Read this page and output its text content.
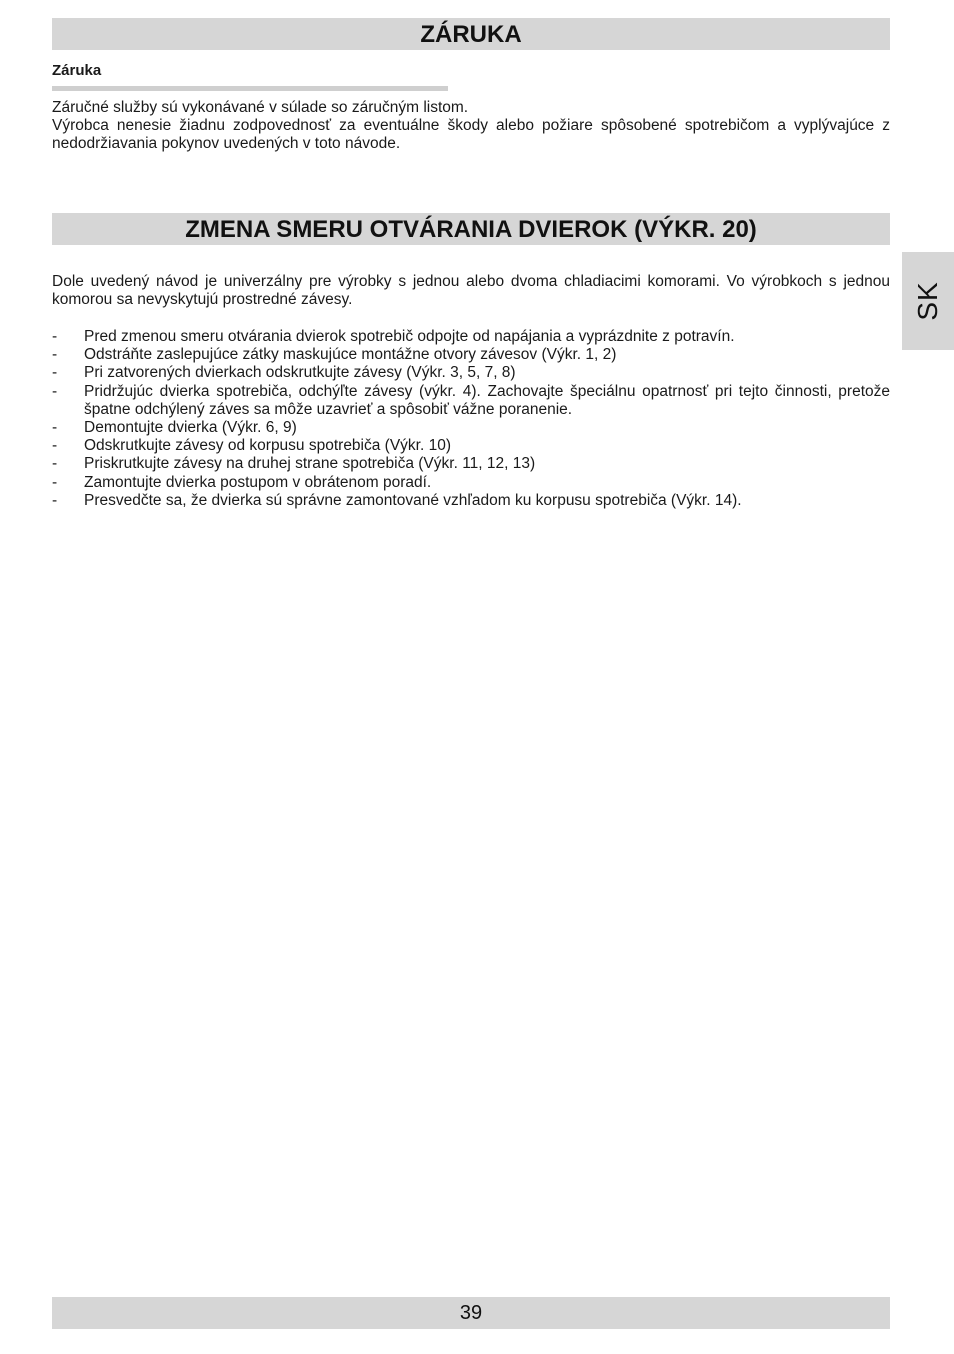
ZÁRUKA
Záruka
Záručné služby sú vykonávané v súlade so záručným listom.
Výrobca nenesie žiadnu zodpovednosť za eventuálne škody alebo požiare spôsobené spotrebičom a vyplývajúce z nedodržiavania pokynov uvedených v toto návode.
ZMENA SMERU OTVÁRANIA DVIEROK (VÝKR. 20)

Dole uvedený návod je univerzálny pre výrobky s jednou alebo dvoma chladiacimi komorami. Vo výrobkoch s jednou komorou sa nevyskytujú prostredné závesy.

- Pred zmenou smeru otvárania dvierok spotrebič odpojte od napájania a vyprázdnite z potravín.
- Odstráňte zaslepujúce zátky maskujúce montážne otvory závesov (Výkr. 1, 2)
- Pri zatvorených dvierkach odskrutkujte závesy (Výkr. 3, 5, 7, 8)
- Pridržujúc dvierka spotrebiča, odchýľte závesy (výkr. 4). Zachovajte špeciálnu opatrnosť pri tejto činnosti, pretože špatne odchýlený záves sa môže uzavrieť a spôsobiť vážne poranenie.
- Demontujte dvierka (Výkr. 6, 9)
- Odskrutkujte závesy od korpusu spotrebiča (Výkr. 10)
- Priskrutkujte závesy na druhej strane spotrebiča (Výkr. 11, 12, 13)
- Zamontujte dvierka postupom v obrátenom poradí.
- Presvedčte sa, že dvierka sú správne zamontované vzhľadom ku korpusu spotrebiča (Výkr. 14).
SK
39
